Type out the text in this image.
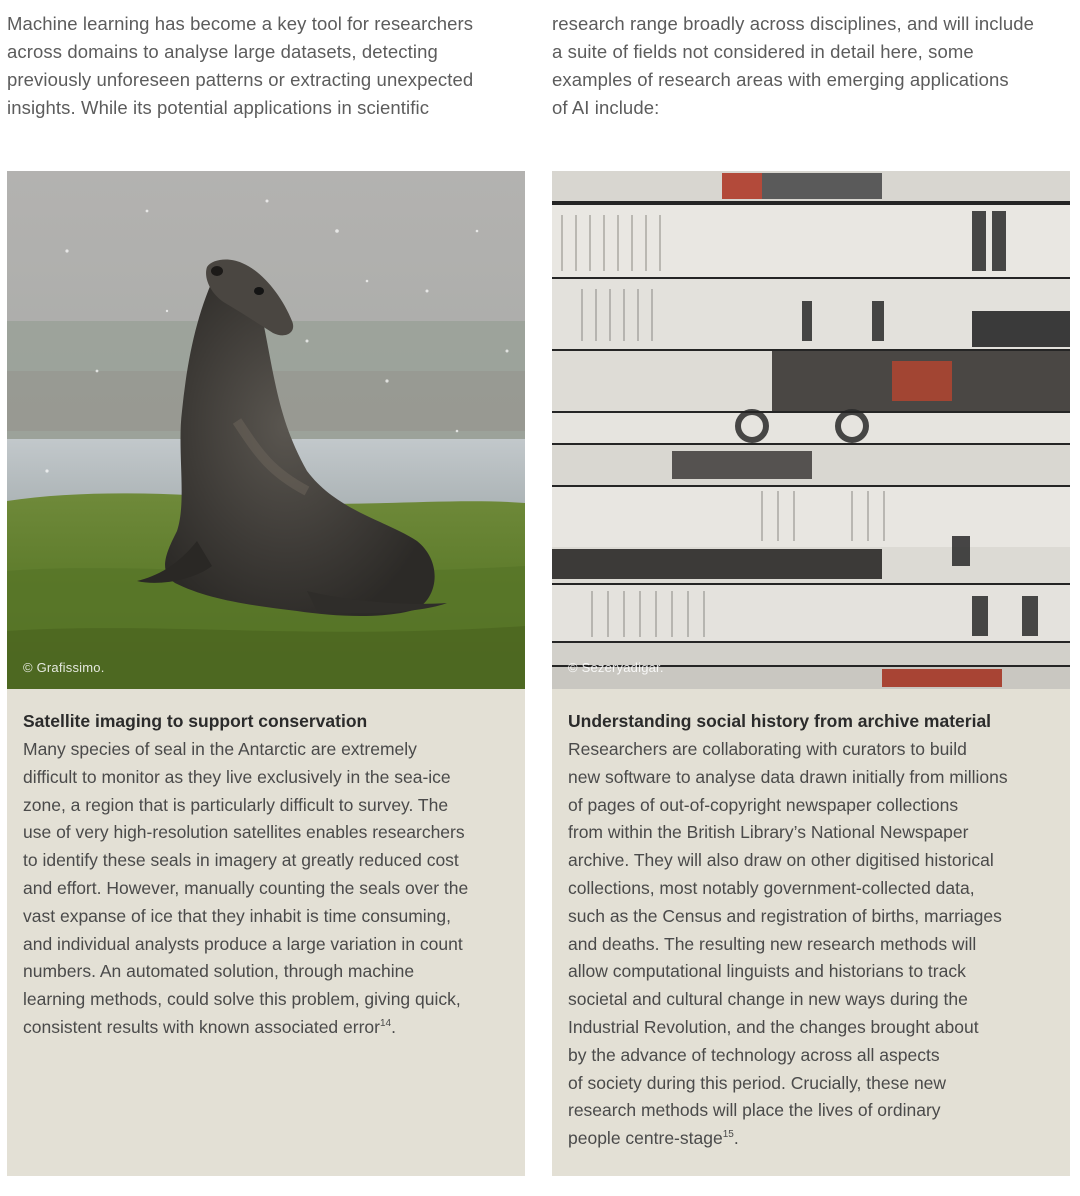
Machine learning has become a key tool for researchers
across domains to analyse large datasets, detecting
previously unforeseen patterns or extracting unexpected
insights. While its potential applications in scientific
research range broadly across disciplines, and will include
a suite of fields not considered in detail here, some
examples of research areas with emerging applications
of AI include:
© Grafissimo.
Satellite imaging to support conservation
Many species of seal in the Antarctic are extremely
difficult to monitor as they live exclusively in the sea-ice
zone, a region that is particularly difficult to survey. The
use of very high-resolution satellites enables researchers
to identify these seals in imagery at greatly reduced cost
and effort. However, manually counting the seals over the
vast expanse of ice that they inhabit is time consuming,
and individual analysts produce a large variation in count
numbers. An automated solution, through machine
learning methods, could solve this problem, giving quick,
consistent results with known associated error$^{14}$.
© Sezeryadigar.
Understanding social history from archive material
Researchers are collaborating with curators to build
new software to analyse data drawn initially from millions
of pages of out-of-copyright newspaper collections
from within the British Library’s National Newspaper
archive. They will also draw on other digitised historical
collections, most notably government-collected data,
such as the Census and registration of births, marriages
and deaths. The resulting new research methods will
allow computational linguists and historians to track
societal and cultural change in new ways during the
Industrial Revolution, and the changes brought about
by the advance of technology across all aspects
of society during this period. Crucially, these new
research methods will place the lives of ordinary
people centre-stage$^{15}$.
